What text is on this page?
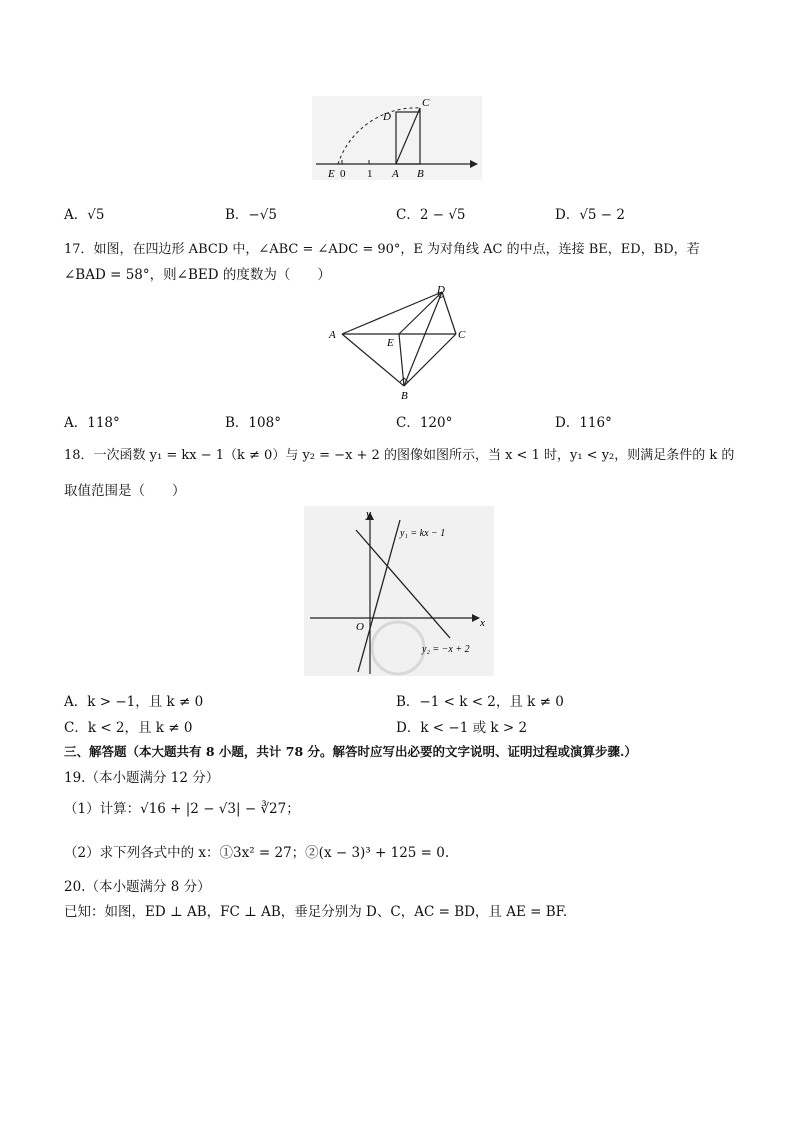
C
D
E 0 1 A B
A．√5	B．−√5	C．2 − √5	D．√5 − 2
17．如图，在四边形 ABCD 中，∠ABC = ∠ADC = 90°，E 为对角线 AC 的中点，连接 BE，ED，BD，若
∠BAD = 58°，则∠BED 的度数为（　　）
A
B
C
D
E
A．118°	B．108°	C．120°	D．116°
18．一次函数 y₁ = kx − 1（k ≠ 0）与 y₂ = −x + 2 的图像如图所示，当 x < 1 时，y₁ < y₂，则满足条件的 k 的
取值范围是（　　）
y
x
O
y₁ = kx − 1
y₂ = −x + 2
A．k > −1，且 k ≠ 0	B．−1 < k < 2，且 k ≠ 0
C．k < 2，且 k ≠ 0	D．k < −1 或 k > 2
三、解答题（本大题共有 8 小题，共计 78 分。解答时应写出必要的文字说明、证明过程或演算步骤.）
19.（本小题满分 12 分）
（1）计算：√16 + |2 − √3| − ∛27；
（2）求下列各式中的 x：①3x² = 27；②(x − 3)³ + 125 = 0.
20.（本小题满分 8 分）
已知：如图，ED ⊥ AB，FC ⊥ AB，垂足分别为 D、C，AC = BD，且 AE = BF.
